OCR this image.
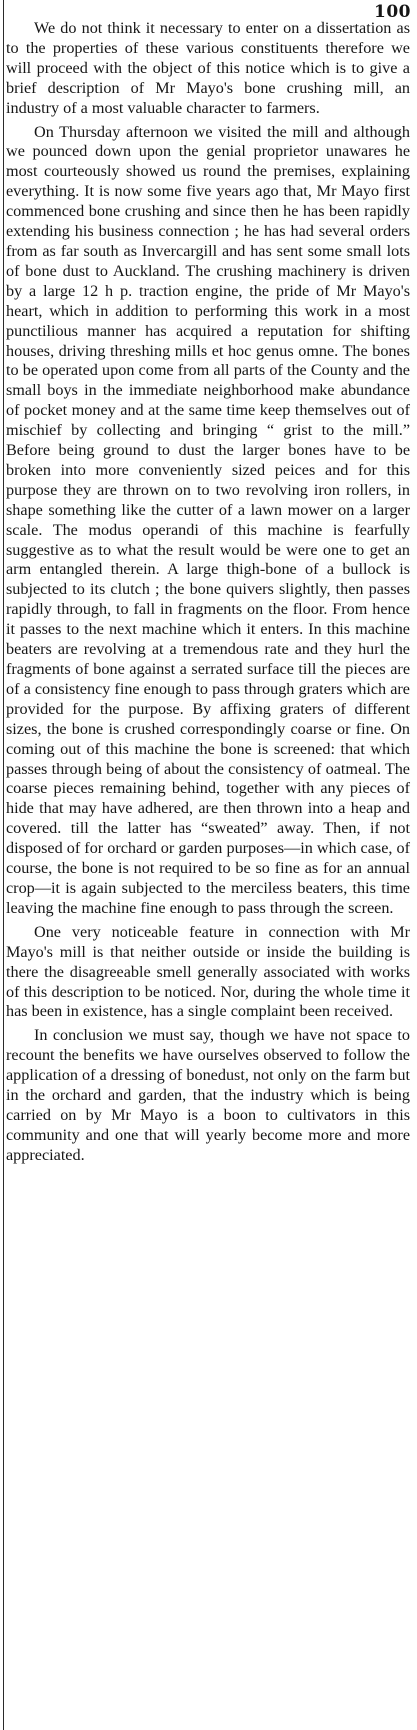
100

We do not think it necessary to enter on a dissertation as to the properties of these various constituents therefore we will proceed with the object of this notice which is to give a brief description of Mr Mayo's bone crushing mill, an industry of a most valuable character to farmers.

On Thursday afternoon we visited the mill and although we pounced down upon the genial proprietor unawares he most courteously showed us round the premises, explaining everything. It is now some five years ago that, Mr Mayo first commenced bone crushing and since then he has been rapidly extending his business connection ; he has had several orders from as far south as Invercargill and has sent some small lots of bone dust to Auckland. The crushing machinery is driven by a large 12 h p. traction engine, the pride of Mr Mayo's heart, which in addition to performing this work in a most punctilious manner has acquired a reputation for shifting houses, driving threshing mills et hoc genus omne. The bones to be operated upon come from all parts of the County and the small boys in the immediate neighborhood make abundance of pocket money and at the same time keep themselves out of mischief by collecting and bringing “ grist to the mill.” Before being ground to dust the larger bones have to be broken into more conveniently sized peices and for this purpose they are thrown on to two revolving iron rollers, in shape something like the cutter of a lawn mower on a larger scale. The modus operandi of this machine is fearfully suggestive as to what the result would be were one to get an arm entangled therein. A large thigh-bone of a bullock is subjected to its clutch ; the bone quivers slightly, then passes rapidly through, to fall in fragments on the floor. From hence it passes to the next machine which it enters. In this machine beaters are revolving at a tremendous rate and they hurl the fragments of bone against a serrated surface till the pieces are of a consistency fine enough to pass through graters which are provided for the purpose. By affixing graters of different sizes, the bone is crushed correspondingly coarse or fine. On coming out of this machine the bone is screened: that which passes through being of about the consistency of oatmeal. The coarse pieces remaining behind, together with any pieces of hide that may have adhered, are then thrown into a heap and covered. till the latter has “sweated” away. Then, if not disposed of for orchard or garden purposes—in which case, of course, the bone is not required to be so fine as for an annual crop—it is again subjected to the merciless beaters, this time leaving the machine fine enough to pass through the screen.

One very noticeable feature in connection with Mr Mayo's mill is that neither outside or inside the building is there the disagreeable smell generally associated with works of this description to be noticed. Nor, during the whole time it has been in existence, has a single complaint been received.

In conclusion we must say, though we have not space to recount the benefits we have ourselves observed to follow the application of a dressing of bonedust, not only on the farm but in the orchard and garden, that the industry which is being carried on by Mr Mayo is a boon to cultivators in this community and one that will yearly become more and more appreciated.
